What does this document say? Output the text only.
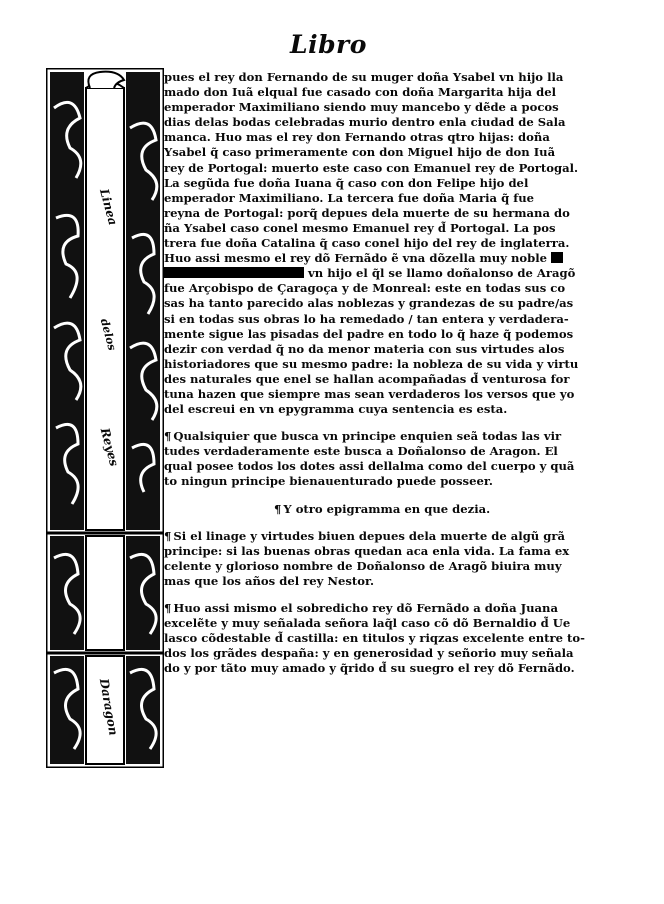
Libro
Linea
delos
Reyes
Daragon
pues el rey don Fernando de su muger doña Ysabel vn hijo lla
mado don Iuã elqual fue casado con doña Margarita hija del
emperador Maximiliano siendo muy mancebo y dẽde a pocos
dias delas bodas celebradas murio dentro enla ciudad de Sala
manca. Huo mas el rey don Fernando otras qtro hijas: doña
Ysabel q̃ caso primeramente con don Miguel hijo de don Iuã
rey de Portogal: muerto este caso con Emanuel rey de Portogal.
La segũda fue doña Iuana q̃ caso con don Felipe hijo del
emperador Maximiliano. La tercera fue doña Maria q̃ fue
reyna de Portogal: porq̃ depues dela muerte de su hermana do
ña Ysabel caso conel mesmo Emanuel rey d̃ Portogal. La pos
trera fue doña Catalina q̃ caso conel hijo del rey de inglaterra.
Huo assi mesmo el rey dõ Fernãdo ẽ vna dõzella muy noble
vn hijo el q̃l se llamo doñalonso de Aragõ
fue Arçobispo de Çaragoça y de Monreal: este en todas sus co
sas ha tanto parecido alas noblezas y grandezas de su padre/as
si en todas sus obras lo ha remedado / tan entera y verdadera-
mente sigue las pisadas del padre en todo lo q̃ haze q̃ podemos
dezir con verdad q̃ no da menor materia con sus virtudes alos
historiadores que su mesmo padre: la nobleza de su vida y virtu
des naturales que enel se hallan acompañadas d̃ venturosa for
tuna hazen que siempre mas sean verdaderos los versos que yo
del escreui en vn epygramma cuya sentencia es esta.
¶ Qualsiquier que busca vn principe enquien seã todas las vir
tudes verdaderamente este busca a Doñalonso de Aragon. El
qual posee todos los dotes assi dellalma como del cuerpo y quã
to ningun principe bienauenturado puede posseer.
¶ Y otro epigramma en que dezia.
¶ Si el linage y virtudes biuen depues dela muerte de algũ grã
principe: si las buenas obras quedan aca enla vida. La fama ex
celente y glorioso nombre de Doñalonso de Aragõ biuira muy
mas que los años del rey Nestor.
¶ Huo assi mismo el sobredicho rey dõ Fernãdo a doña Juana
excelẽte y muy señalada señora laq̃l caso cõ dõ Bernaldio d̃ Ue
lasco cõdestable d̃ castilla: en titulos y riqzas excelente entre to-
dos los grãdes despaña: y en generosidad y señorio muy señala
do y por tãto muy amado y q̃rido d̃ su suegro el rey dõ Fernãdo.
